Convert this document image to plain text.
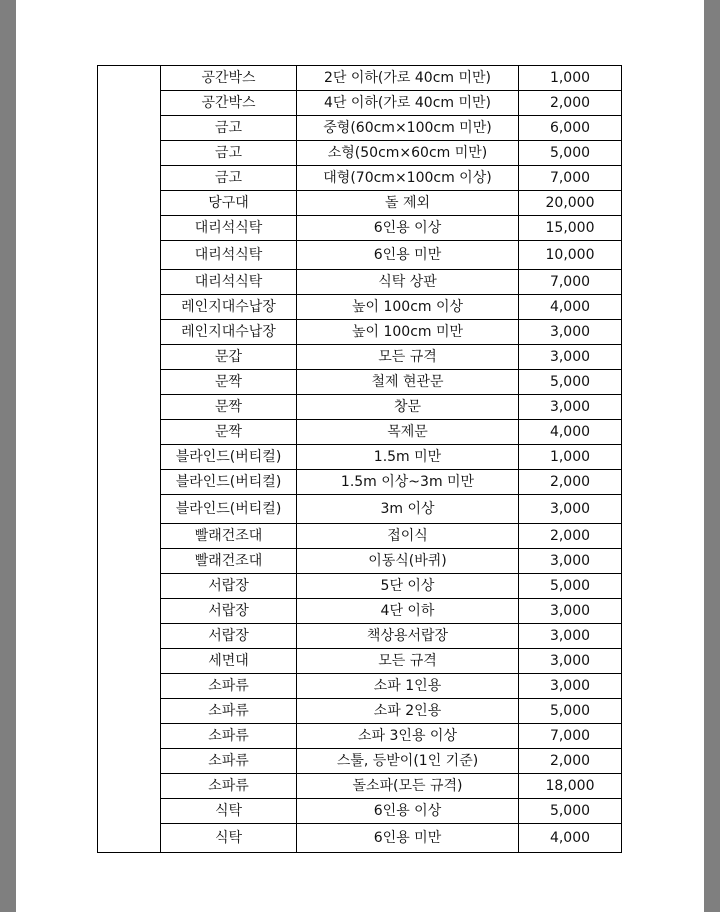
	공간박스	2단 이하(가로 40cm 미만)	1,000
	공간박스	4단 이하(가로 40cm 미만)	2,000
	금고	중형(60cm×100cm 미만)	6,000
	금고	소형(50cm×60cm 미만)	5,000
	금고	대형(70cm×100cm 이상)	7,000
	당구대	돌 제외	20,000
	대리석식탁	6인용 이상	15,000
	대리석식탁	6인용 미만	10,000
	대리석식탁	식탁 상판	7,000
	레인지대수납장	높이 100cm 이상	4,000
	레인지대수납장	높이 100cm 미만	3,000
	문갑	모든 규격	3,000
	문짝	철제 현관문	5,000
	문짝	창문	3,000
	문짝	목제문	4,000
	블라인드(버티컬)	1.5m 미만	1,000
	블라인드(버티컬)	1.5m 이상~3m 미만	2,000
	블라인드(버티컬)	3m 이상	3,000
	빨래건조대	접이식	2,000
	빨래건조대	이동식(바퀴)	3,000
	서랍장	5단 이상	5,000
	서랍장	4단 이하	3,000
	서랍장	책상용서랍장	3,000
	세면대	모든 규격	3,000
	소파류	소파 1인용	3,000
	소파류	소파 2인용	5,000
	소파류	소파 3인용 이상	7,000
	소파류	스툴, 등받이(1인 기준)	2,000
	소파류	돌소파(모든 규격)	18,000
	식탁	6인용 이상	5,000
	식탁	6인용 미만	4,000
